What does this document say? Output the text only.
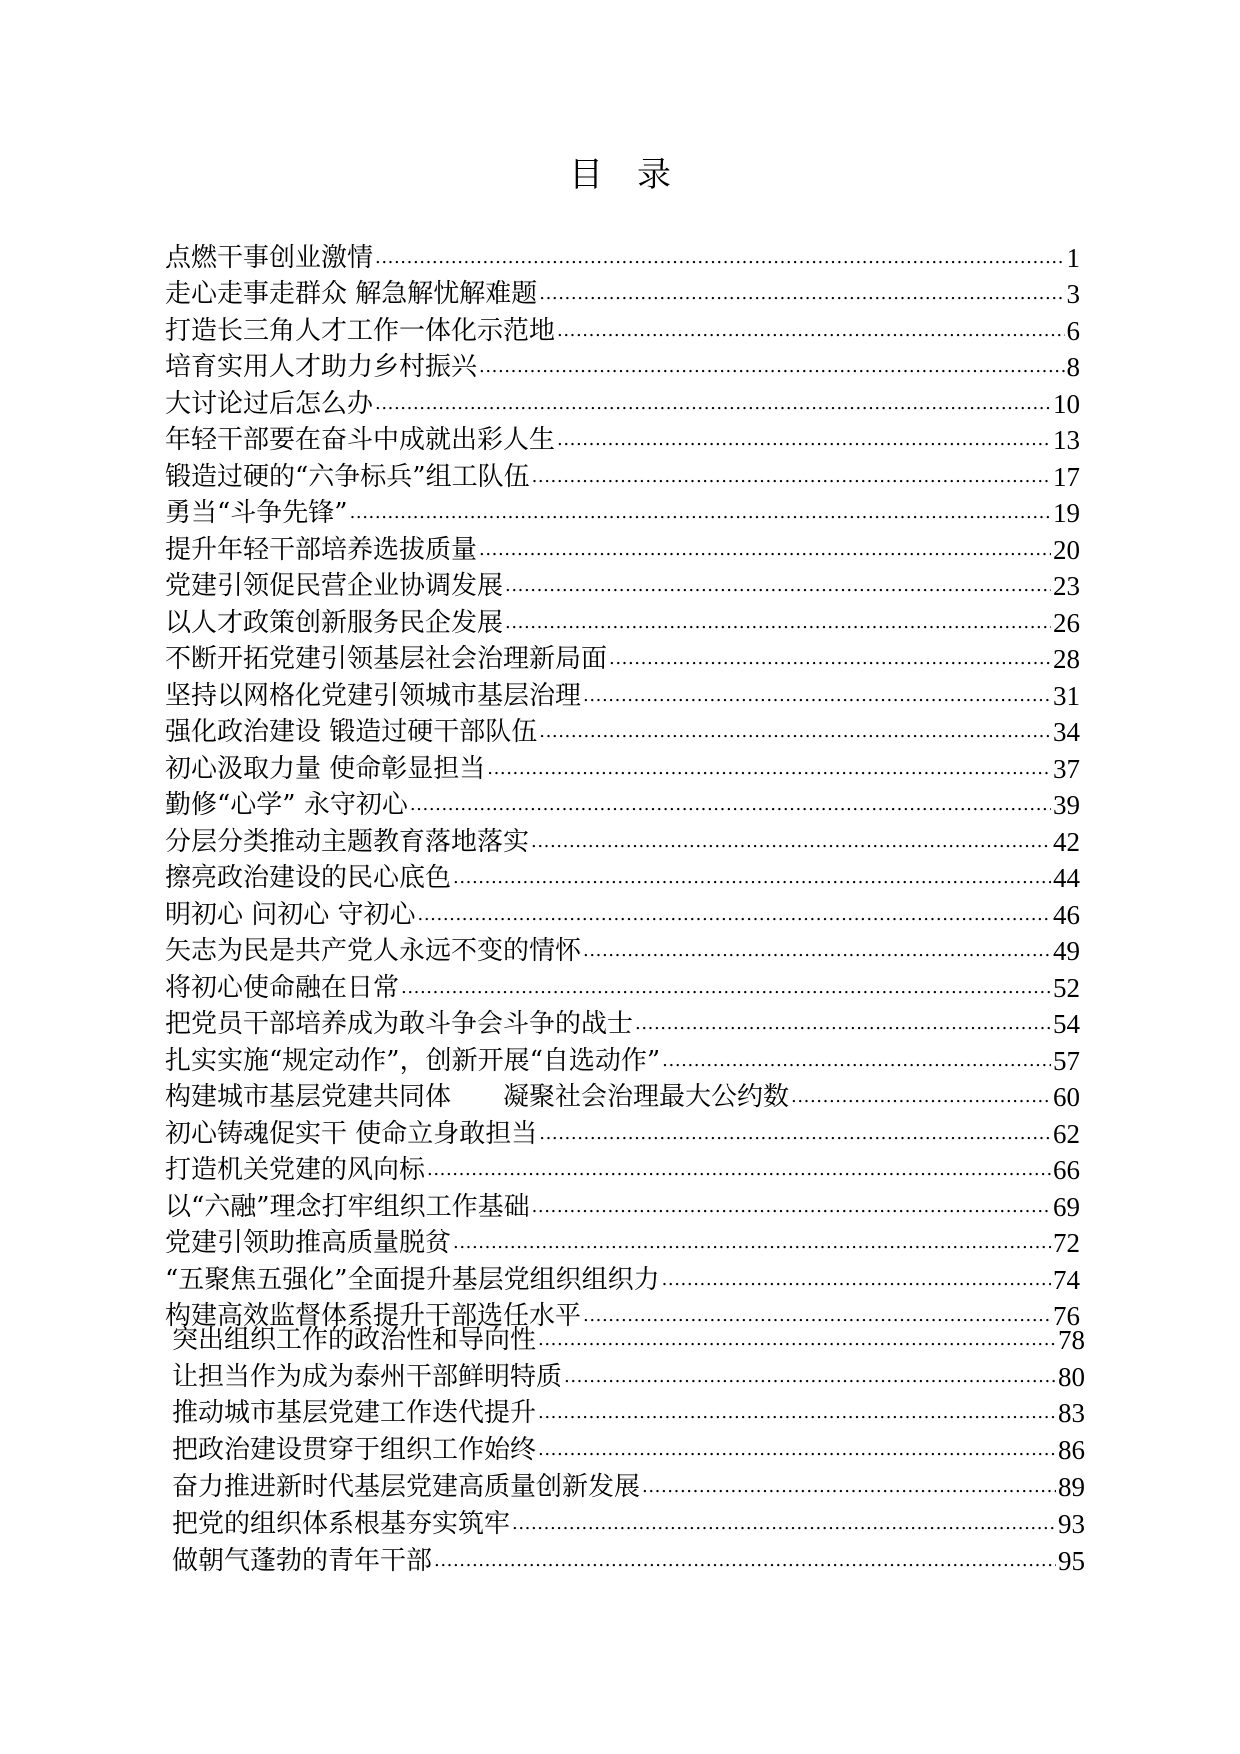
目　录
点燃干事创业激情 .....	1
走心走事走群众 解急解忧解难题 .....	3
打造长三角人才工作一体化示范地 .....	6
培育实用人才助力乡村振兴 .....	8
大讨论过后怎么办 .....	10
年轻干部要在奋斗中成就出彩人生 .....	13
锻造过硬的“六争标兵”组工队伍 .....	17
勇当“斗争先锋” .....	19
提升年轻干部培养选拔质量 .....	20
党建引领促民营企业协调发展 .....	23
以人才政策创新服务民企发展 .....	26
不断开拓党建引领基层社会治理新局面 .....	28
坚持以网格化党建引领城市基层治理 .....	31
强化政治建设 锻造过硬干部队伍 .....	34
初心汲取力量 使命彰显担当 .....	37
勤修“心学” 永守初心 .....	39
分层分类推动主题教育落地落实 .....	42
擦亮政治建设的民心底色 .....	44
明初心 问初心 守初心 .....	46
矢志为民是共产党人永远不变的情怀 .....	49
将初心使命融在日常 .....	52
把党员干部培养成为敢斗争会斗争的战士 .....	54
扎实实施“规定动作”，创新开展“自选动作” .....	57
构建城市基层党建共同体　　凝聚社会治理最大公约数 .....	60
初心铸魂促实干 使命立身敢担当 .....	62
打造机关党建的风向标 .....	66
以“六融”理念打牢组织工作基础 .....	69
党建引领助推高质量脱贫 .....	72
“五聚焦五强化”全面提升基层党组织组织力 .....	74
构建高效监督体系提升干部选任水平 .....	76
突出组织工作的政治性和导向性 .....	78
让担当作为成为泰州干部鲜明特质 .....	80
推动城市基层党建工作迭代提升 .....	83
把政治建设贯穿于组织工作始终 .....	86
奋力推进新时代基层党建高质量创新发展 .....	89
把党的组织体系根基夯实筑牢 .....	93
做朝气蓬勃的青年干部 .....	95
